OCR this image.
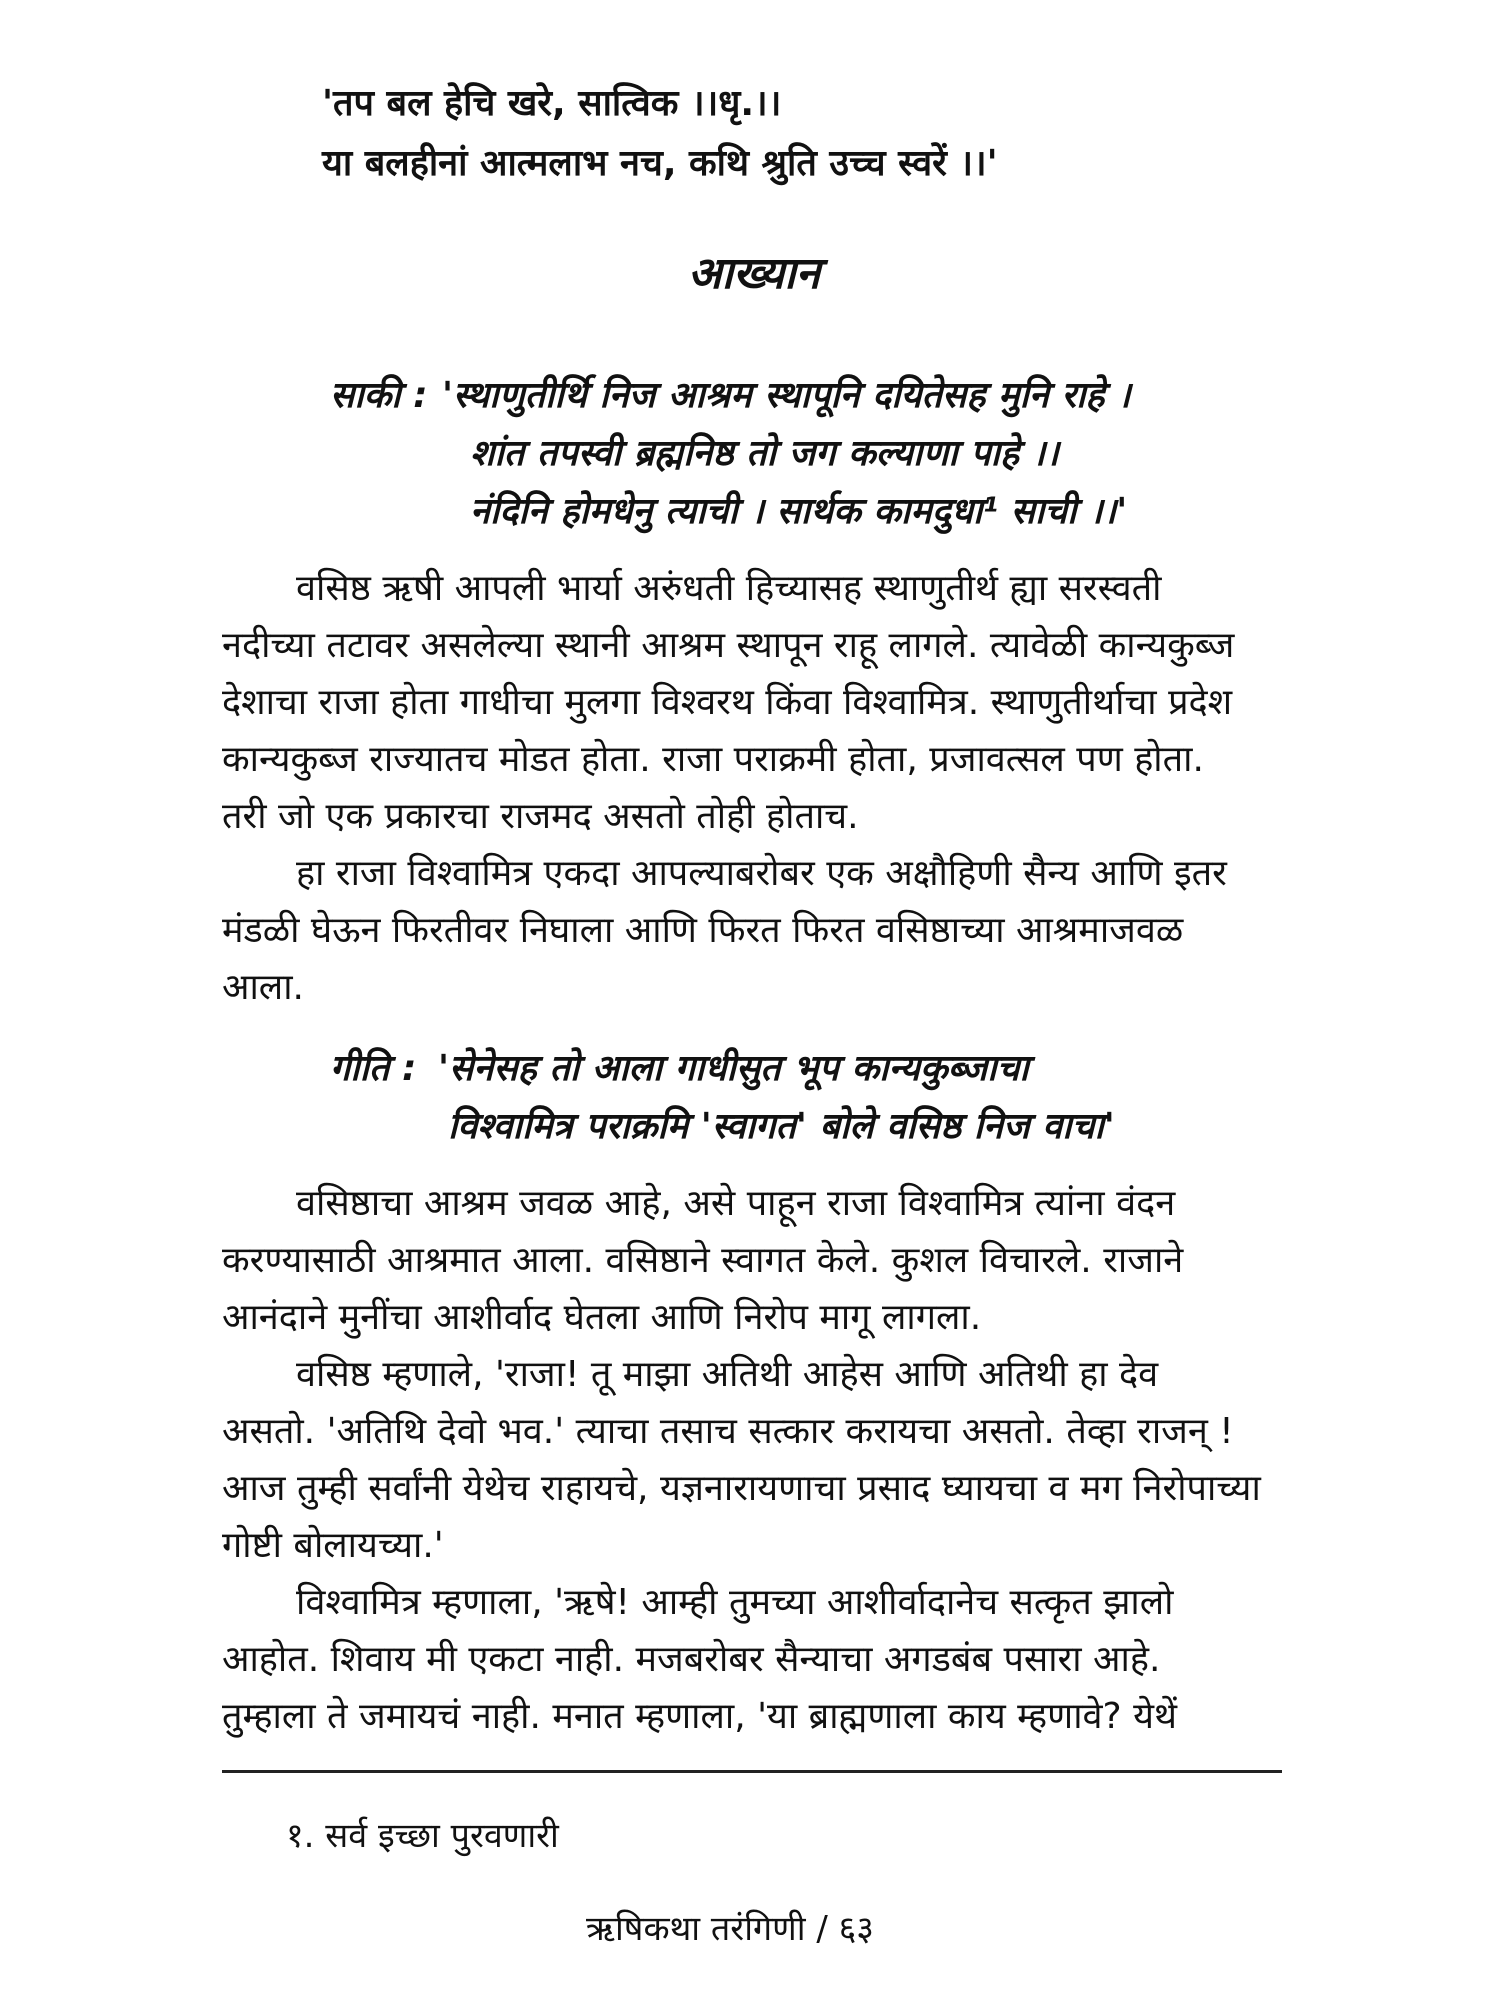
'तप बल हेचि खरे, सात्विक ।।धृ.।।
या बलहीनां आत्मलाभ नच, कथि श्रुति उच्च स्वरें ।।'
आख्यान
साकी : 'स्थाणुतीर्थि निज आश्रम स्थापूनि दयितेसह मुनि राहे ।
शांत तपस्वी ब्रह्मनिष्ठ तो जग कल्याणा पाहे ।।
नंदिनि होमधेनु त्याची । सार्थक कामदुधा¹ साची ।।'
वसिष्ठ ऋषी आपली भार्या अरुंधती हिच्यासह स्थाणुतीर्थ ह्या सरस्वती
नदीच्या तटावर असलेल्या स्थानी आश्रम स्थापून राहू लागले. त्यावेळी कान्यकुब्ज
देशाचा राजा होता गाधीचा मुलगा विश्वरथ किंवा विश्वामित्र. स्थाणुतीर्थाचा प्रदेश
कान्यकुब्ज राज्यातच मोडत होता. राजा पराक्रमी होता, प्रजावत्सल पण होता.
तरी जो एक प्रकारचा राजमद असतो तोही होताच.
हा राजा विश्वामित्र एकदा आपल्याबरोबर एक अक्षौहिणी सैन्य आणि इतर
मंडळी घेऊन फिरतीवर निघाला आणि फिरत फिरत वसिष्ठाच्या आश्रमाजवळ
आला.
गीति : 'सेनेसह तो आला गाधीसुत भूप कान्यकुब्जाचा
विश्वामित्र पराक्रमि 'स्वागत' बोले वसिष्ठ निज वाचा'
वसिष्ठाचा आश्रम जवळ आहे, असे पाहून राजा विश्वामित्र त्यांना वंदन
करण्यासाठी आश्रमात आला. वसिष्ठाने स्वागत केले. कुशल विचारले. राजाने
आनंदाने मुनींचा आशीर्वाद घेतला आणि निरोप मागू लागला.
वसिष्ठ म्हणाले, 'राजा! तू माझा अतिथी आहेस आणि अतिथी हा देव
असतो. 'अतिथि देवो भव.' त्याचा तसाच सत्कार करायचा असतो. तेव्हा राजन् !
आज तुम्ही सर्वांनी येथेच राहायचे, यज्ञनारायणाचा प्रसाद घ्यायचा व मग निरोपाच्या
गोष्टी बोलायच्या.'
विश्वामित्र म्हणाला, 'ऋषे! आम्ही तुमच्या आशीर्वादानेच सत्कृत झालो
आहोत. शिवाय मी एकटा नाही. मजबरोबर सैन्याचा अगडबंब पसारा आहे.
तुम्हाला ते जमायचं नाही. मनात म्हणाला, 'या ब्राह्मणाला काय म्हणावे? येथें
१. सर्व इच्छा पुरवणारी
ऋषिकथा तरंगिणी / ६३
